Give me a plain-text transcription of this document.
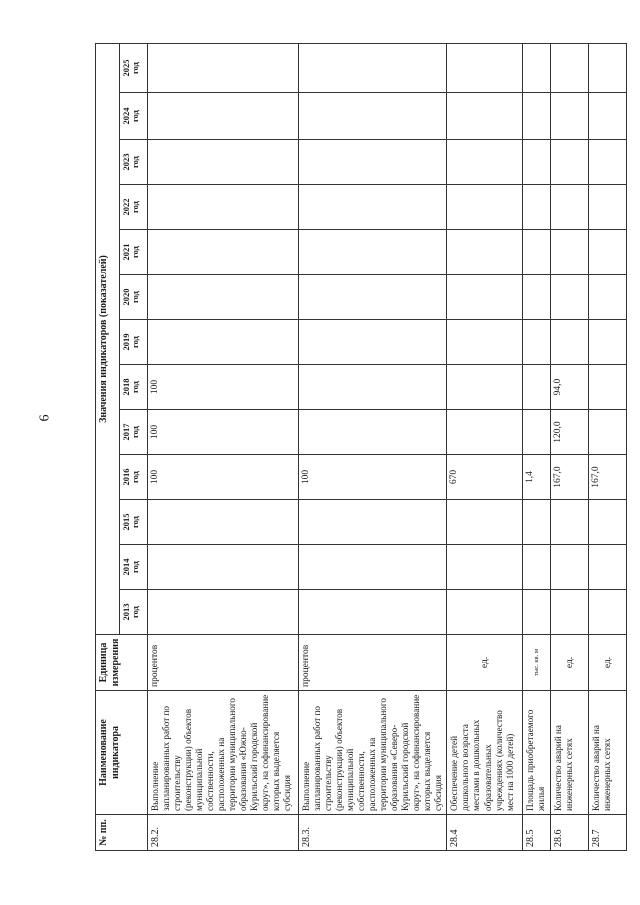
6
№ пп.	Наименование индикатора	Единица измерения	Значения индикаторов (показателей)												

			2013 год	2014 год	2015 год	2016 год	2017 год	2018 год	2019 год	2020 год	2021 год	2022 год	2023 год	2024 год	2025 год

28.2.	Выполнение запланированных работ по строительству (реконструкции) объектов муниципальной собственности, расположенных на территории муниципального образования «Южно-Курильский городской округ», на софинансирование которых выделяется субсидия	процентов				100	100	100							
28.3.	Выполнение запланированных работ по строительству (реконструкции) объектов муниципальной собственности, расположенных на территории муниципального образования «Северо-Курильский городской округ», на софинансирование которых выделяется субсидия	процентов				100									
28.4	Обеспечение детей дошкольного возраста местами в дошкольных образовательных учреждениях (количество мест на 1000 детей)	ед.				670									
28.5	Площадь приобретаемого жилья	тыс. кв. м				1,4									
28.6	Количество аварий на инженерных сетях	ед.				167,0	120,0	94,0							
28.7	Количество аварий на инженерных сетях	ед.				167,0									
